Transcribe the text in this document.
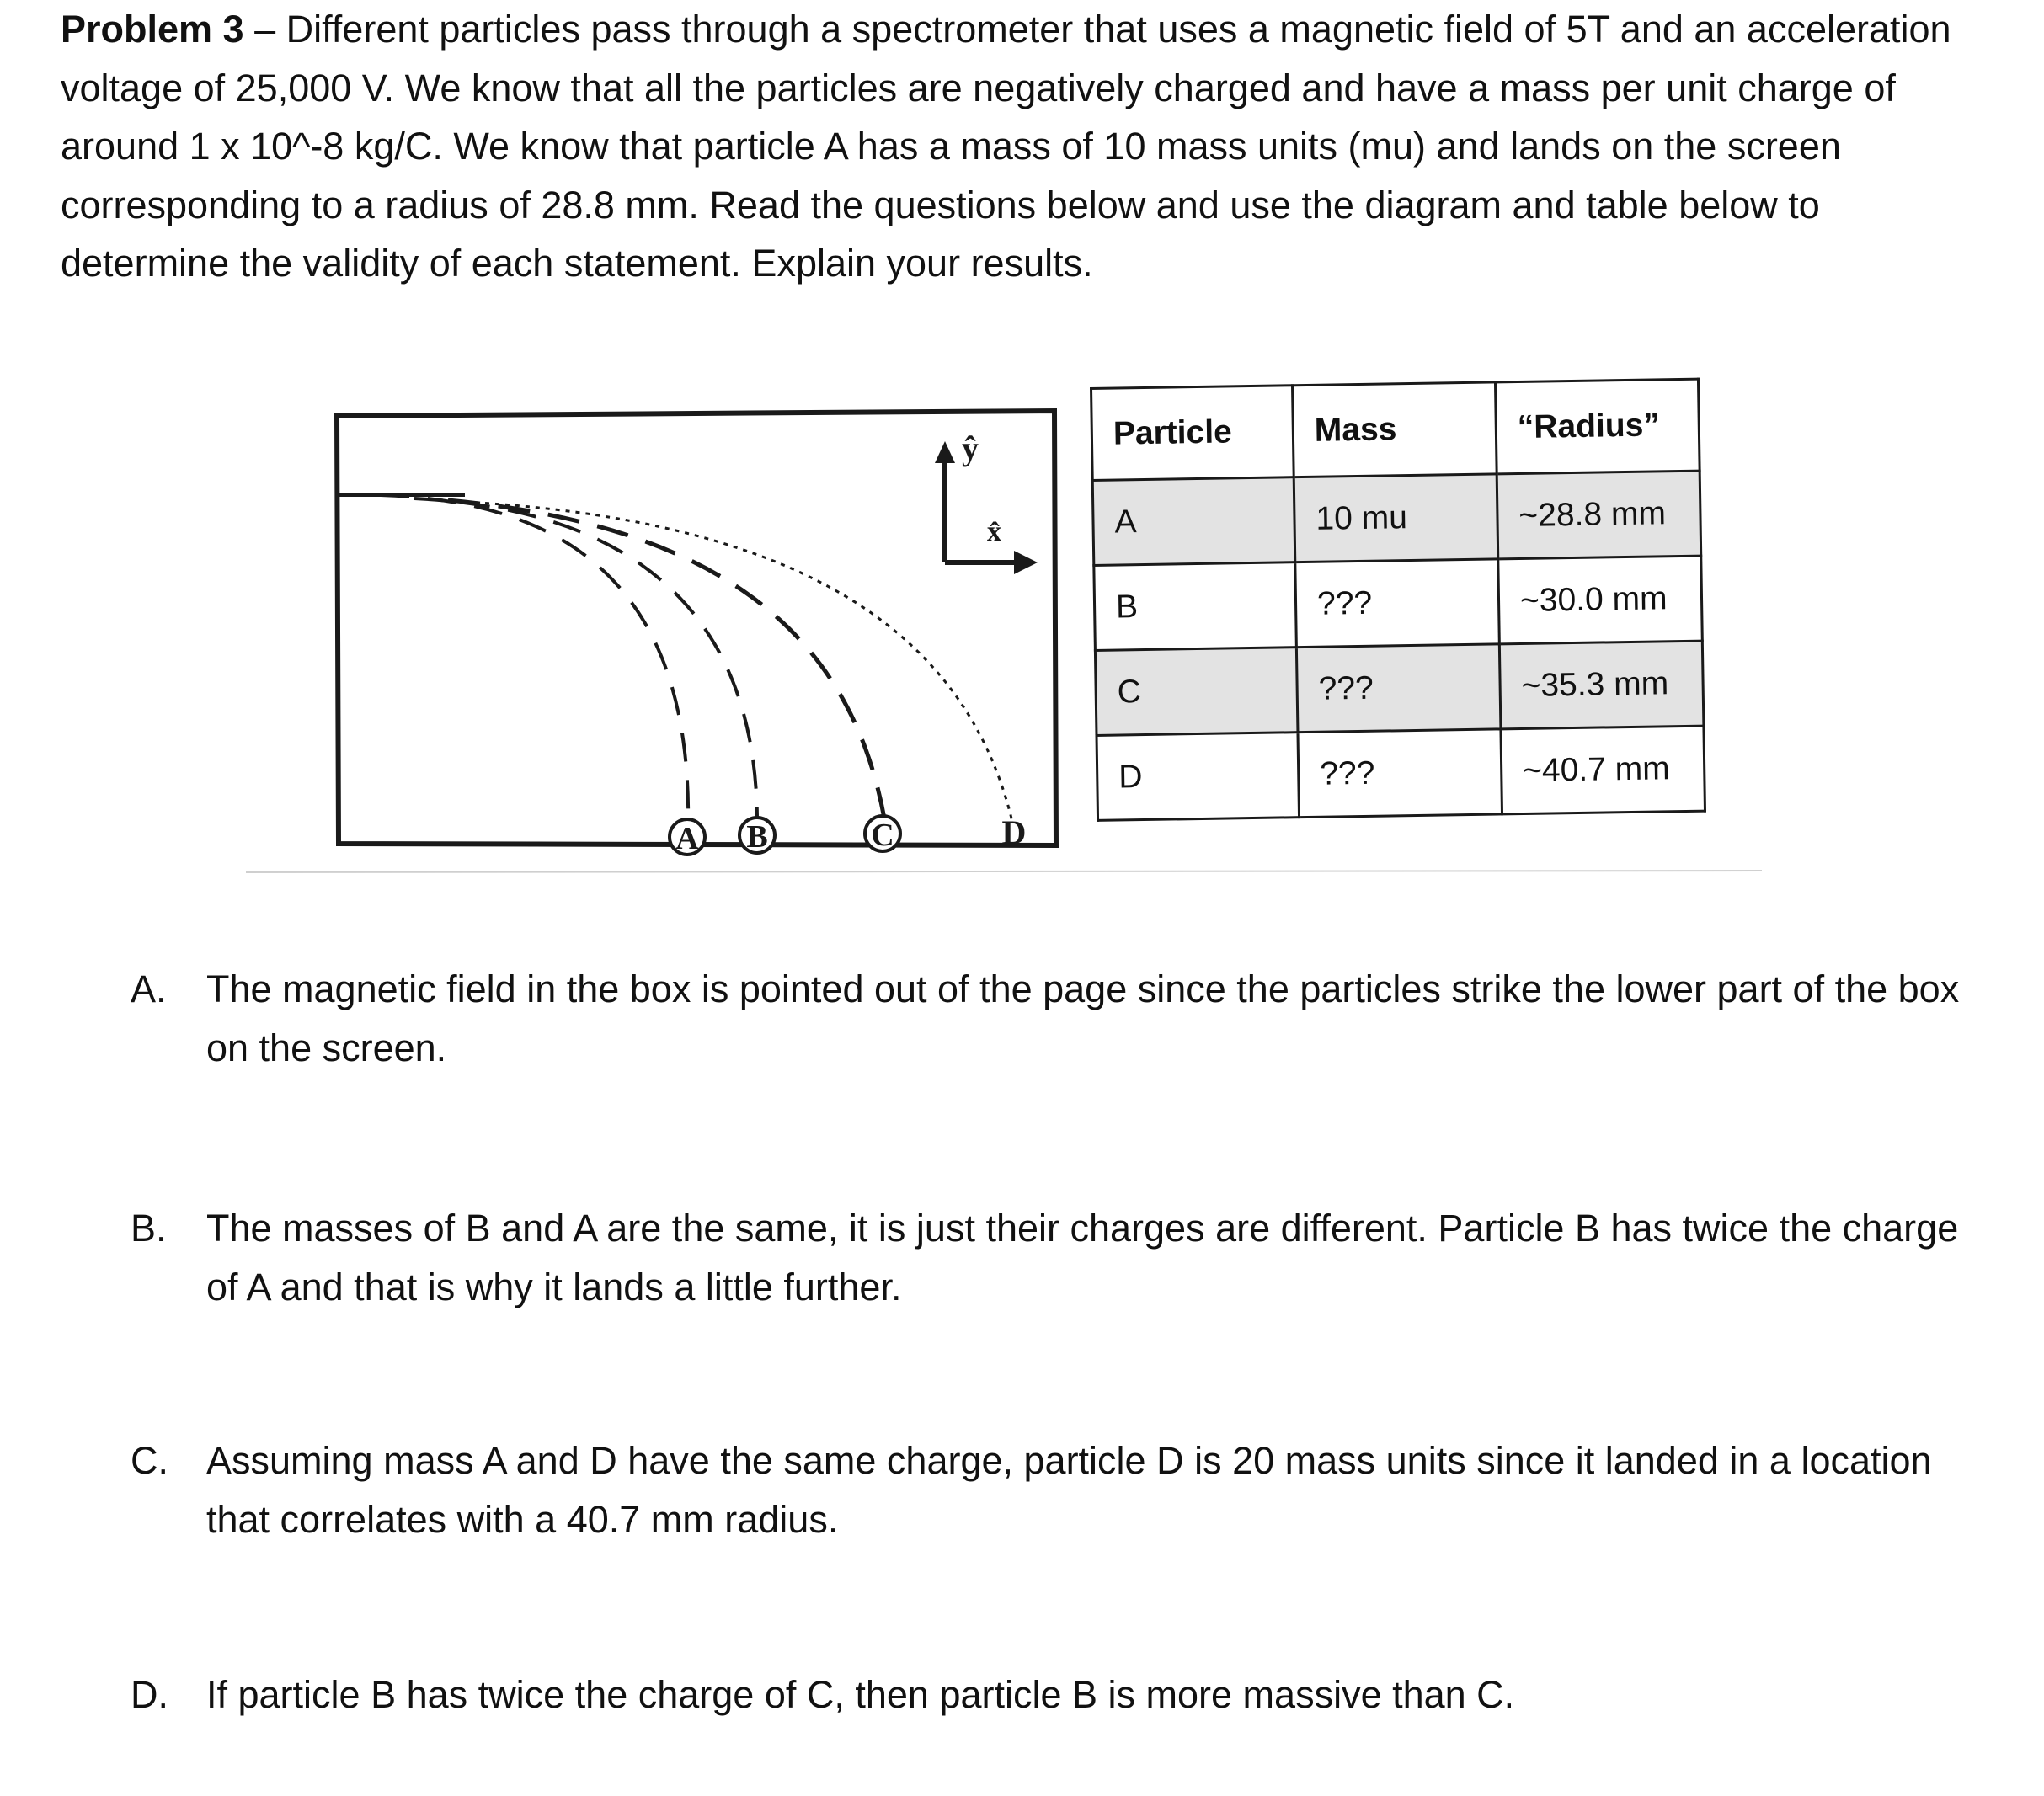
Problem 3 – Different particles pass through a spectrometer that uses a magnetic field of 5T and an acceleration voltage of 25,000 V. We know that all the particles are negatively charged and have a mass per unit charge of around 1 x 10^-8 kg/C. We know that particle A has a mass of 10 mass units (mu) and lands on the screen corresponding to a radius of 28.8 mm. Read the questions below and use the diagram and table below to determine the validity of each statement. Explain your results.

ŷ
x̂
A B	C	D
Particle	Mass	“Radius”
A	10 mu	~28.8 mm
B	???	~30.0 mm
C	???	~35.3 mm
D	???	~40.7 mm
A. The magnetic field in the box is pointed out of the page since the particles strike the lower part of the box on the screen.
B. The masses of B and A are the same, it is just their charges are different. Particle B has twice the charge of A and that is why it lands a little further.
C. Assuming mass A and D have the same charge, particle D is 20 mass units since it landed in a location that correlates with a 40.7 mm radius.
D. If particle B has twice the charge of C, then particle B is more massive than C.
